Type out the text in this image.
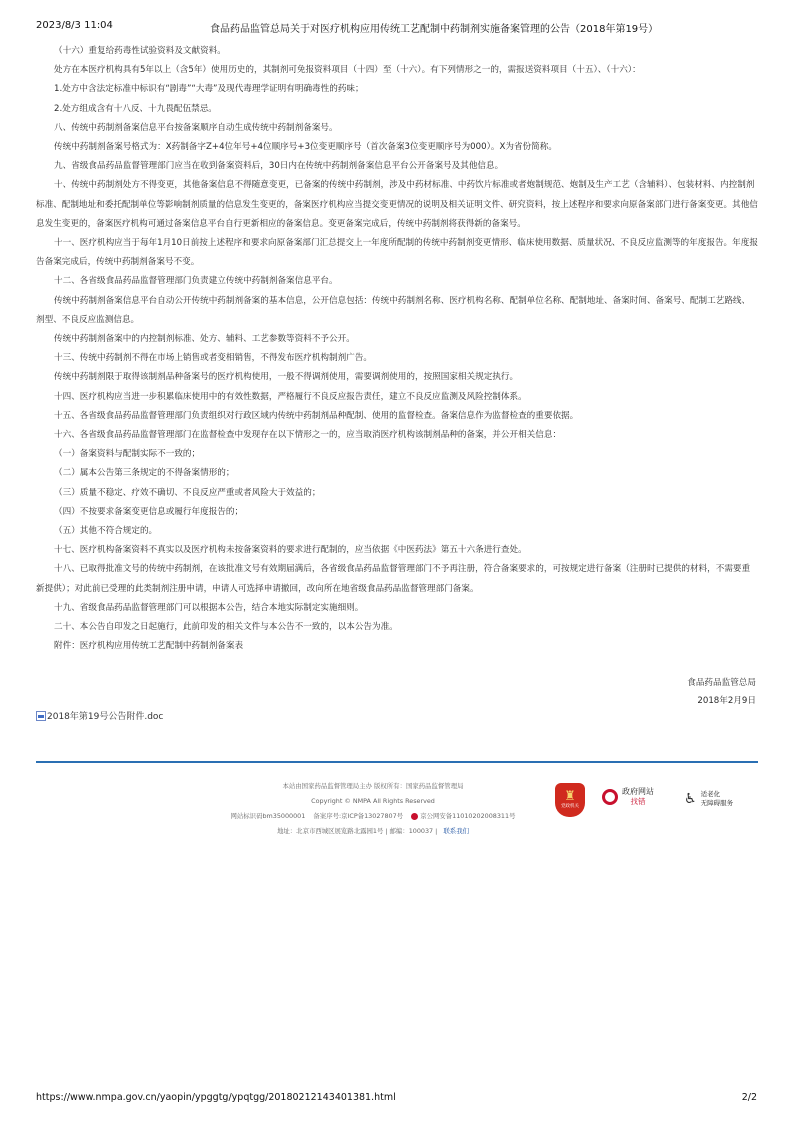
2023/8/3 11:04	食品药品监管总局关于对医疗机构应用传统工艺配制中药制剂实施备案管理的公告（2018年第19号）

（十六）重复给药毒性试验资料及文献资料。

处方在本医疗机构具有5年以上（含5年）使用历史的，其制剂可免报资料项目（十四）至（十六）。有下列情形之一的，需报送资料项目（十五）、（十六）：

1.处方中含法定标准中标识有“剧毒”“大毒”及现代毒理学证明有明确毒性的药味；

2.处方组成含有十八反、十九畏配伍禁忌。

八、传统中药制剂备案信息平台按备案顺序自动生成传统中药制剂备案号。

传统中药制剂备案号格式为：X药制备字Z+4位年号+4位顺序号+3位变更顺序号（首次备案3位变更顺序号为000）。X为省份简称。

九、省级食品药品监督管理部门应当在收到备案资料后，30日内在传统中药制剂备案信息平台公开备案号及其他信息。

十、传统中药制剂处方不得变更，其他备案信息不得随意变更，已备案的传统中药制剂，涉及中药材标准、中药饮片标准或者炮制规范、炮制及生产工艺（含辅料）、包装材料、内控制剂标准、配制地址和委托配制单位等影响制剂质量的信息发生变更的，备案医疗机构应当提交变更情况的说明及相关证明文件、研究资料，按上述程序和要求向原备案部门进行备案变更。其他信息发生变更的，备案医疗机构可通过备案信息平台自行更新相应的备案信息。变更备案完成后，传统中药制剂将获得新的备案号。

十一、医疗机构应当于每年1月10日前按上述程序和要求向原备案部门汇总提交上一年度所配制的传统中药制剂变更情形、临床使用数据、质量状况、不良反应监测等的年度报告。年度报告备案完成后，传统中药制剂备案号不变。

十二、各省级食品药品监督管理部门负责建立传统中药制剂备案信息平台。

传统中药制剂备案信息平台自动公开传统中药制剂备案的基本信息，公开信息包括：传统中药制剂名称、医疗机构名称、配制单位名称、配制地址、备案时间、备案号、配制工艺路线、剂型、不良反应监测信息。

传统中药制剂备案中的内控制剂标准、处方、辅料、工艺参数等资料不予公开。

十三、传统中药制剂不得在市场上销售或者变相销售，不得发布医疗机构制剂广告。

传统中药制剂限于取得该制剂品种备案号的医疗机构使用，一般不得调剂使用，需要调剂使用的，按照国家相关规定执行。

十四、医疗机构应当进一步积累临床使用中的有效性数据，严格履行不良反应报告责任，建立不良反应监测及风险控制体系。

十五、各省级食品药品监督管理部门负责组织对行政区域内传统中药制剂品种配制、使用的监督检查。备案信息作为监督检查的重要依据。

十六、各省级食品药品监督管理部门在监督检查中发现存在以下情形之一的，应当取消医疗机构该制剂品种的备案，并公开相关信息：

（一）备案资料与配制实际不一致的；

（二）属本公告第三条规定的不得备案情形的；

（三）质量不稳定、疗效不确切、不良反应严重或者风险大于效益的；

（四）不按要求备案变更信息或履行年度报告的；

（五）其他不符合规定的。

十七、医疗机构备案资料不真实以及医疗机构未按备案资料的要求进行配制的，应当依据《中医药法》第五十六条进行查处。

十八、已取得批准文号的传统中药制剂，在该批准文号有效期届满后，各省级食品药品监督管理部门不予再注册，符合备案要求的，可按规定进行备案（注册时已提供的材料，不需要重新提供）；对此前已受理的此类制剂注册申请，申请人可选择申请撤回，改向所在地省级食品药品监督管理部门备案。

十九、省级食品药品监督管理部门可以根据本公告，结合本地实际制定实施细则。

二十、本公告自印发之日起施行，此前印发的相关文件与本公告不一致的，以本公告为准。

附件：医疗机构应用传统工艺配制中药制剂备案表

食品药品监管总局
2018年2月9日
2018年第19号公告附件.doc
本站由国家药品监督管理局主办 版权所有：国家药品监督管理局
Copyright © NMPA All Rights Reserved
网站标识码bm35000001 备案序号:京ICP备13027807号	京公网安备11010202008311号
地址：北京市西城区展览路北露园1号 | 邮编：100037 | 联系我们
♜
党政机关
政府网站
找错	♿ 适老化
无障碍服务
https://www.nmpa.gov.cn/yaopin/ypggtg/ypqtgg/20180212143401381.html	2/2
